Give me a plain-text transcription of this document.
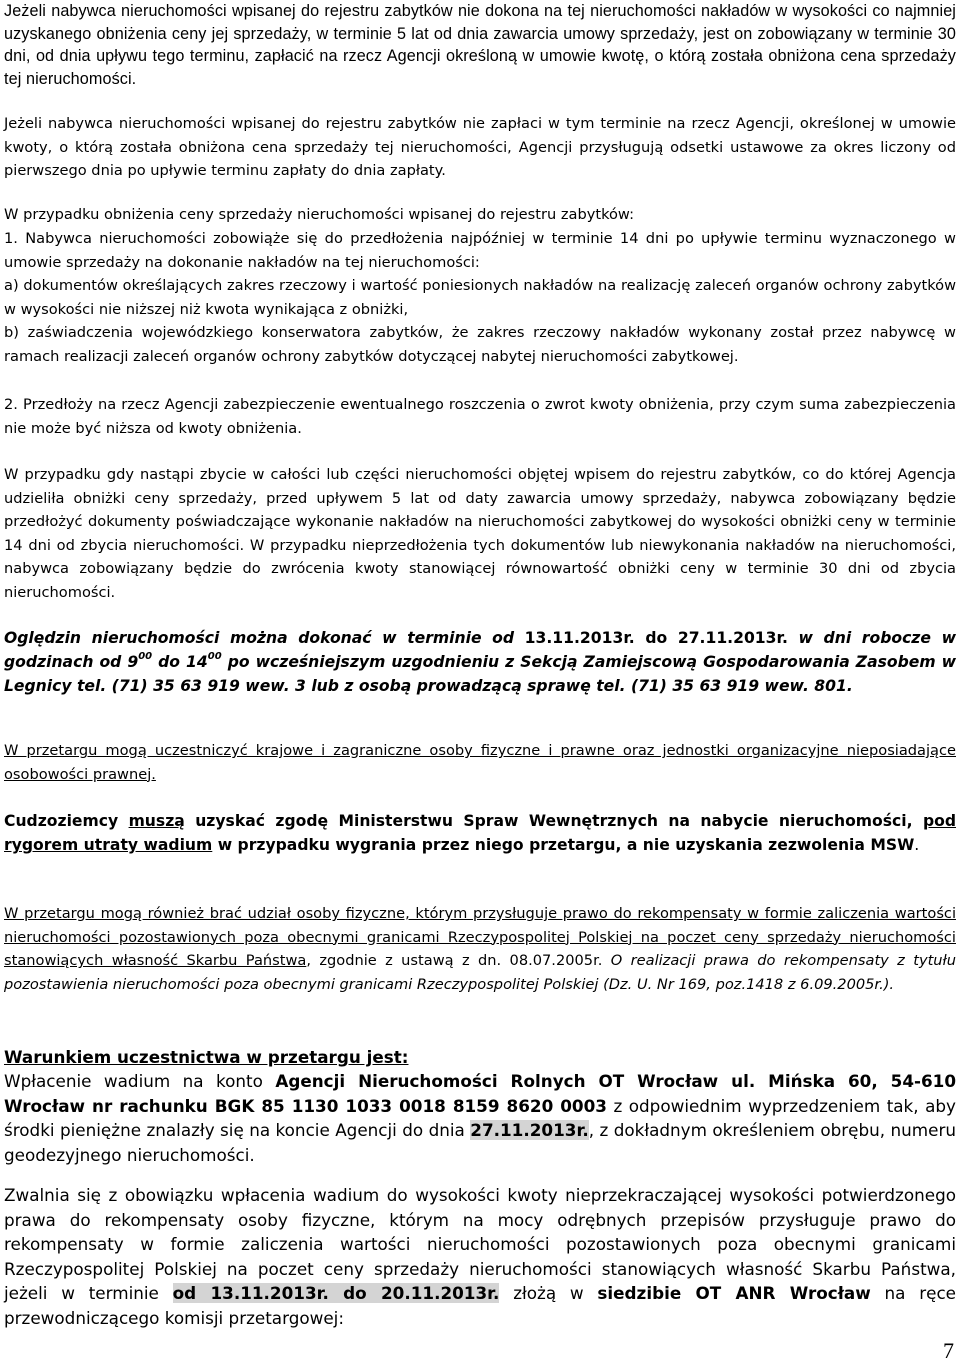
Jeżeli nabywca nieruchomości wpisanej do rejestru zabytków nie dokona na tej nieruchomości nakładów w wysokości co najmniej uzyskanego obniżenia ceny jej sprzedaży, w terminie 5 lat od dnia zawarcia umowy sprzedaży, jest on zobowiązany w terminie 30 dni, od dnia upływu tego terminu, zapłacić na rzecz Agencji określoną w umowie kwotę, o którą została obniżona cena sprzedaży tej nieruchomości.

Jeżeli nabywca nieruchomości wpisanej do rejestru zabytków nie zapłaci w tym terminie na rzecz Agencji, określonej w umowie kwoty, o którą została obniżona cena sprzedaży tej nieruchomości, Agencji przysługują odsetki ustawowe za okres liczony od pierwszego dnia po upływie terminu zapłaty do dnia zapłaty.

W przypadku obniżenia ceny sprzedaży nieruchomości wpisanej do rejestru zabytków:

1. Nabywca nieruchomości zobowiąże się do przedłożenia najpóźniej w terminie 14 dni po upływie terminu wyznaczonego w umowie sprzedaży na dokonanie nakładów na tej nieruchomości:

a) dokumentów określających zakres rzeczowy i wartość poniesionych nakładów na realizację zaleceń organów ochrony zabytków w wysokości nie niższej niż kwota wynikająca z obniżki,

b) zaświadczenia wojewódzkiego konserwatora zabytków, że zakres rzeczowy nakładów wykonany został przez nabywcę w ramach realizacji zaleceń organów ochrony zabytków dotyczącej nabytej nieruchomości zabytkowej.

2. Przedłoży na rzecz Agencji zabezpieczenie ewentualnego roszczenia o zwrot kwoty obniżenia, przy czym suma zabezpieczenia nie może być niższa od kwoty obniżenia.

W przypadku gdy nastąpi zbycie w całości lub części nieruchomości objętej wpisem do rejestru zabytków, co do której Agencja udzieliła obniżki ceny sprzedaży, przed upływem 5 lat od daty zawarcia umowy sprzedaży, nabywca zobowiązany będzie przedłożyć dokumenty poświadczające wykonanie nakładów na nieruchomości zabytkowej do wysokości obniżki ceny w terminie 14 dni od zbycia nieruchomości. W przypadku nieprzedłożenia tych dokumentów lub niewykonania nakładów na nieruchomości, nabywca zobowiązany będzie do zwrócenia kwoty stanowiącej równowartość obniżki ceny w terminie 30 dni od zbycia nieruchomości.

Oględzin nieruchomości można dokonać w terminie od 13.11.2013r. do 27.11.2013r. w dni robocze w godzinach od $9^{00}$ do $14^{00}$ po wcześniejszym uzgodnieniu z Sekcją Zamiejscową Gospodarowania Zasobem w Legnicy tel. (71) 35 63 919 wew. 3 lub z osobą prowadzącą sprawę tel. (71) 35 63 919 wew. 801.

W przetargu mogą uczestniczyć krajowe i zagraniczne osoby fizyczne i prawne oraz jednostki organizacyjne nieposiadające osobowości prawnej.

Cudzoziemcy muszą uzyskać zgodę Ministerstwu Spraw Wewnętrznych na nabycie nieruchomości, pod rygorem utraty wadium w przypadku wygrania przez niego przetargu, a nie uzyskania zezwolenia MSW.

W przetargu mogą również brać udział osoby fizyczne, którym przysługuje prawo do rekompensaty w formie zaliczenia wartości nieruchomości pozostawionych poza obecnymi granicami Rzeczypospolitej Polskiej na poczet ceny sprzedaży nieruchomości stanowiących własność Skarbu Państwa, zgodnie z ustawą z dn. 08.07.2005r. O realizacji prawa do rekompensaty z tytułu pozostawienia nieruchomości poza obecnymi granicami Rzeczypospolitej Polskiej (Dz. U. Nr 169, poz.1418 z 6.09.2005r.).

Warunkiem uczestnictwa w przetargu jest:

Wpłacenie wadium na konto Agencji Nieruchomości Rolnych OT Wrocław ul. Mińska 60, 54-610 Wrocław nr rachunku BGK 85 1130 1033 0018 8159 8620 0003 z odpowiednim wyprzedzeniem tak, aby środki pieniężne znalazły się na koncie Agencji do dnia 27.11.2013r., z dokładnym określeniem obrębu, numeru geodezyjnego nieruchomości.

Zwalnia się z obowiązku wpłacenia wadium do wysokości kwoty nieprzekraczającej wysokości potwierdzonego prawa do rekompensaty osoby fizyczne, którym na mocy odrębnych przepisów przysługuje prawo do rekompensaty w formie zaliczenia wartości nieruchomości pozostawionych poza obecnymi granicami Rzeczypospolitej Polskiej na poczet ceny sprzedaży nieruchomości stanowiących własność Skarbu Państwa, jeżeli w terminie od 13.11.2013r. do 20.11.2013r. złożą w siedzibie OT ANR Wrocław na ręce przewodniczącego komisji przetargowej:

7
